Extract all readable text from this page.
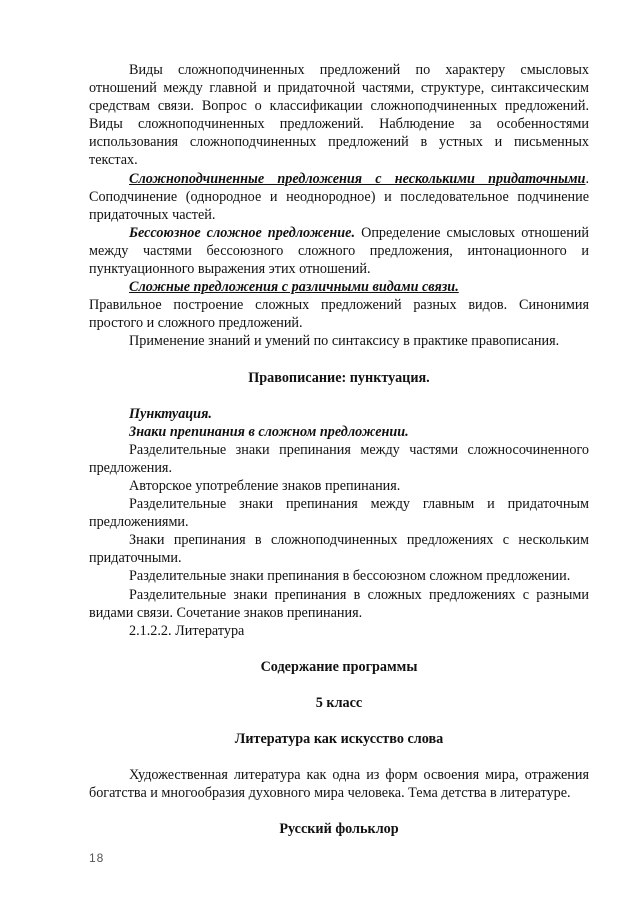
Виды сложноподчиненных предложений по характеру смысловых отношений между главной и придаточной частями, структуре, синтаксическим средствам связи. Вопрос о классификации сложноподчиненных предложений. Виды сложноподчиненных предложений. Наблюдение за особенностями использования сложноподчиненных предложений в устных и письменных текстах.

Сложноподчиненные предложения с несколькими придаточными. Соподчинение (однородное и неоднородное) и последовательное подчинение придаточных частей.

Бессоюзное сложное предложение. Определение смысловых отношений между частями бессоюзного сложного предложения, интонационного и пунктуационного выражения этих отношений.

Сложные предложения с различными видами связи.

Правильное построение сложных предложений разных видов. Синонимия простого и сложного предложений.

Применение знаний и умений по синтаксису в практике правописания.

Правописание: пунктуация.

Пунктуация.

Знаки препинания в сложном предложении.

Разделительные знаки препинания между частями сложносочиненного предложения.

Авторское употребление знаков препинания.

Разделительные знаки препинания между главным и придаточным предложениями.

Знаки препинания в сложноподчиненных предложениях с нескольким придаточными.

Разделительные знаки препинания в бессоюзном сложном предложении.

Разделительные знаки препинания в сложных предложениях с разными видами связи. Сочетание знаков препинания.

2.1.2.2. Литература

Содержание программы

5 класс

Литература как искусство слова

Художественная литература как одна из форм освоения мира, отражения богатства и многообразия духовного мира человека. Тема детства в литературе.

Русский фольклор

18
